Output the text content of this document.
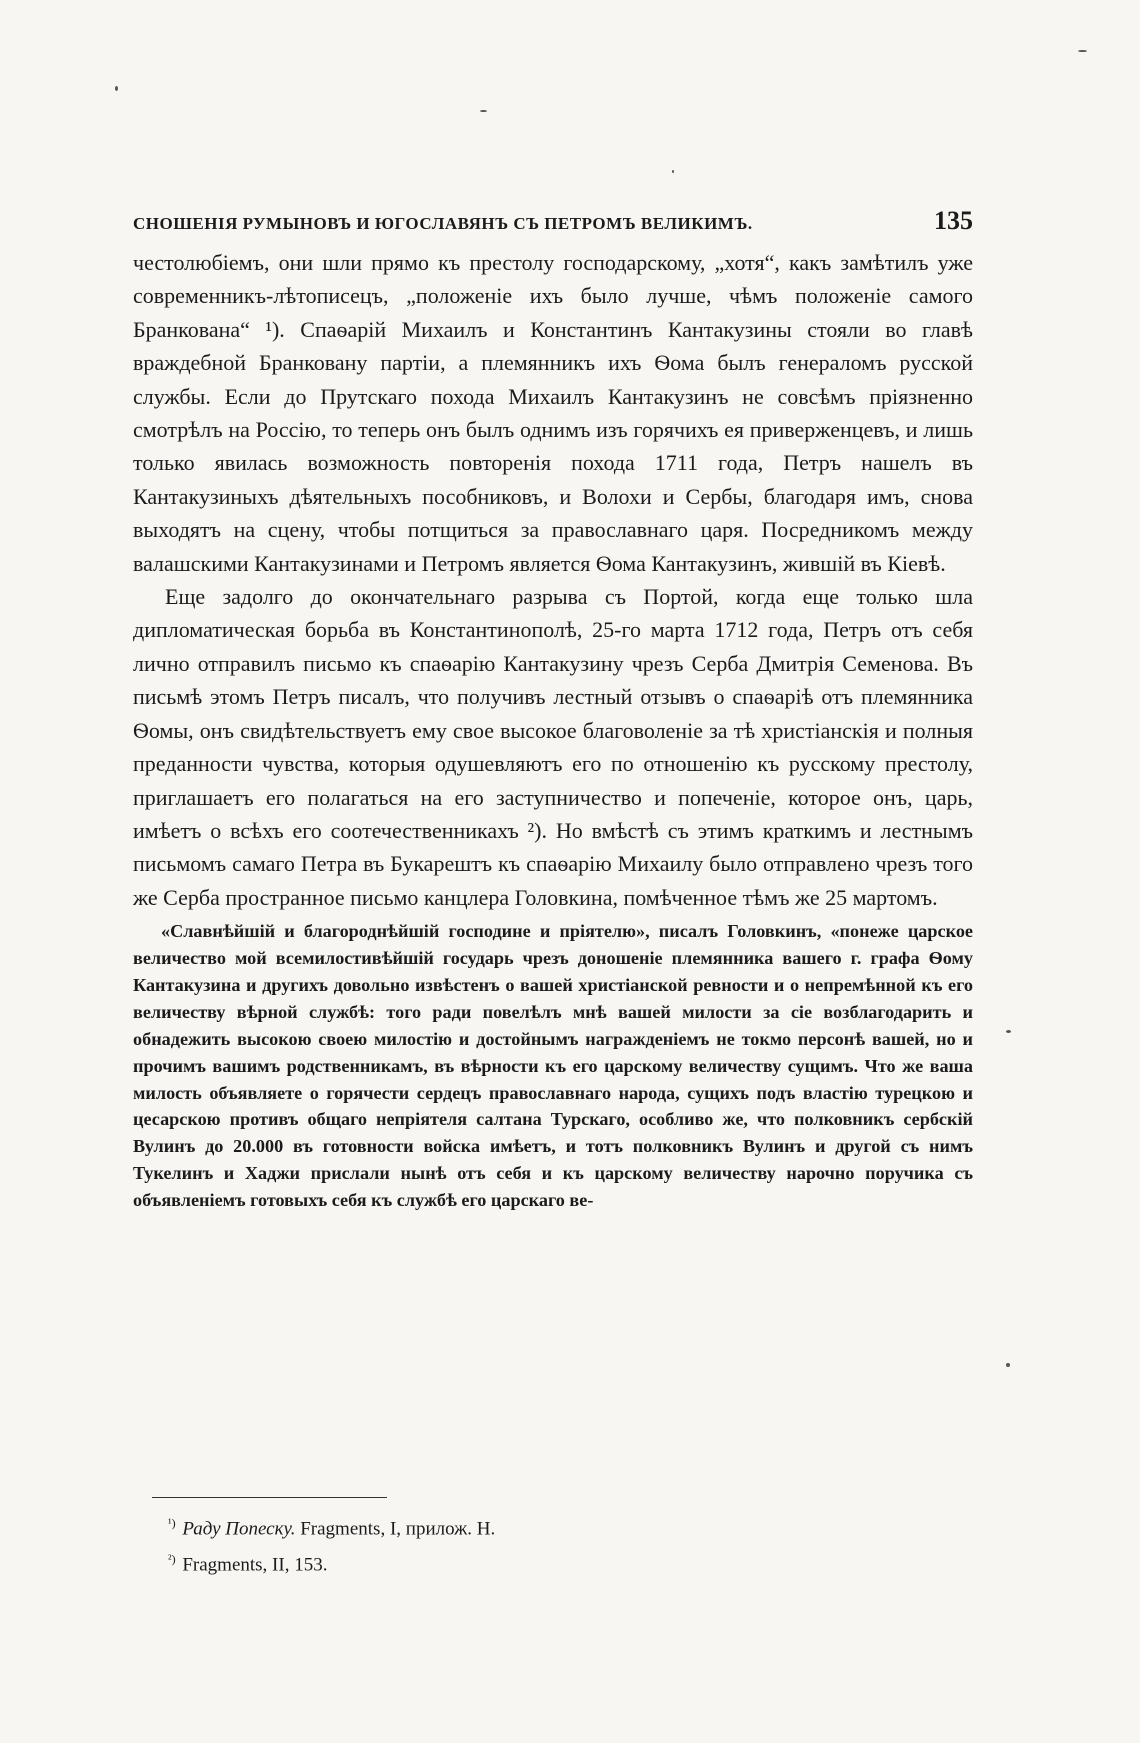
СНОШЕНІЯ РУМЫНОВЪ И ЮГОСЛАВЯНЪ СЪ ПЕТРОМЪ ВЕЛИКИМЪ.	135

честолюбіемъ, они шли прямо къ престолу господарскому, „хотя“, какъ замѣтилъ уже современникъ-лѣтописецъ, „положеніе ихъ было лучше, чѣмъ положеніе самого Бранкована“ ¹). Спаѳарій Михаилъ и Константинъ Кантакузины стояли во главѣ враждебной Бранковану партіи, а племянникъ ихъ Ѳома былъ генераломъ русской службы. Если до Прутскаго похода Михаилъ Кантакузинъ не совсѣмъ пріязненно смотрѣлъ на Россію, то теперь онъ былъ однимъ изъ горячихъ ея приверженцевъ, и лишь только явилась возможность повторенія похода 1711 года, Петръ нашелъ въ Кантакузиныхъ дѣятельныхъ пособниковъ, и Волохи и Сербы, благодаря имъ, снова выходятъ на сцену, чтобы потщиться за православнаго царя. Посредникомъ между валашскими Кантакузинами и Петромъ является Ѳома Кантакузинъ, жившій въ Кіевѣ.

Еще задолго до окончательнаго разрыва съ Портой, когда еще только шла дипломатическая борьба въ Константинополѣ, 25-го марта 1712 года, Петръ отъ себя лично отправилъ письмо къ спаѳарію Кантакузину чрезъ Серба Дмитрія Семенова. Въ письмѣ этомъ Петръ писалъ, что получивъ лестный отзывъ о спаѳаріѣ отъ племянника Ѳомы, онъ свидѣтельствуетъ ему свое высокое благоволеніе за тѣ христіанскія и полныя преданности чувства, которыя одушевляютъ его по отношенію къ русскому престолу, приглашаетъ его полагаться на его заступничество и попеченіе, которое онъ, царь, имѣетъ о всѣхъ его соотечественникахъ ²). Но вмѣстѣ съ этимъ краткимъ и лестнымъ письмомъ самаго Петра въ Букарештъ къ спаѳарію Михаилу было отправлено чрезъ того же Серба пространное письмо канцлера Головкина, помѣченное тѣмъ же 25 мартомъ.

«Славнѣйшій и благороднѣйшій господине и пріятелю», писалъ Головкинъ, «понеже царское величество мой всемилостивѣйшій государь чрезъ доношеніе племянника вашего г. графа Ѳому Кантакузина и другихъ довольно извѣстенъ о вашей христіанской ревности и о непремѣнной къ его величеству вѣрной службѣ: того ради повелѣлъ мнѣ вашей милости за сіе возблагодарить и обнадежить высокою своею милостію и достойнымъ награжденіемъ не токмо персонѣ вашей, но и прочимъ вашимъ родственникамъ, въ вѣрности къ его царскому величеству сущимъ. Что же ваша милость объявляете о горячести сердецъ православнаго народа, сущихъ подъ властію турецкою и цесарскою противъ общаго непріятеля салтана Турскаго, особливо же, что полковникъ сербскій Вулинъ до 20.000 въ готовности войска имѣетъ, и тотъ полковникъ Вулинъ и другой съ нимъ Тукелинъ и Хаджи прислали нынѣ отъ себя и къ царскому величеству нарочно поручика съ объявленіемъ готовыхъ себя къ службѣ его царскаго ве-

$^{^1)}$ Раду Попеску. Fragments, I, прилож. H.

$^{^2)}$ Fragments, II, 153.
